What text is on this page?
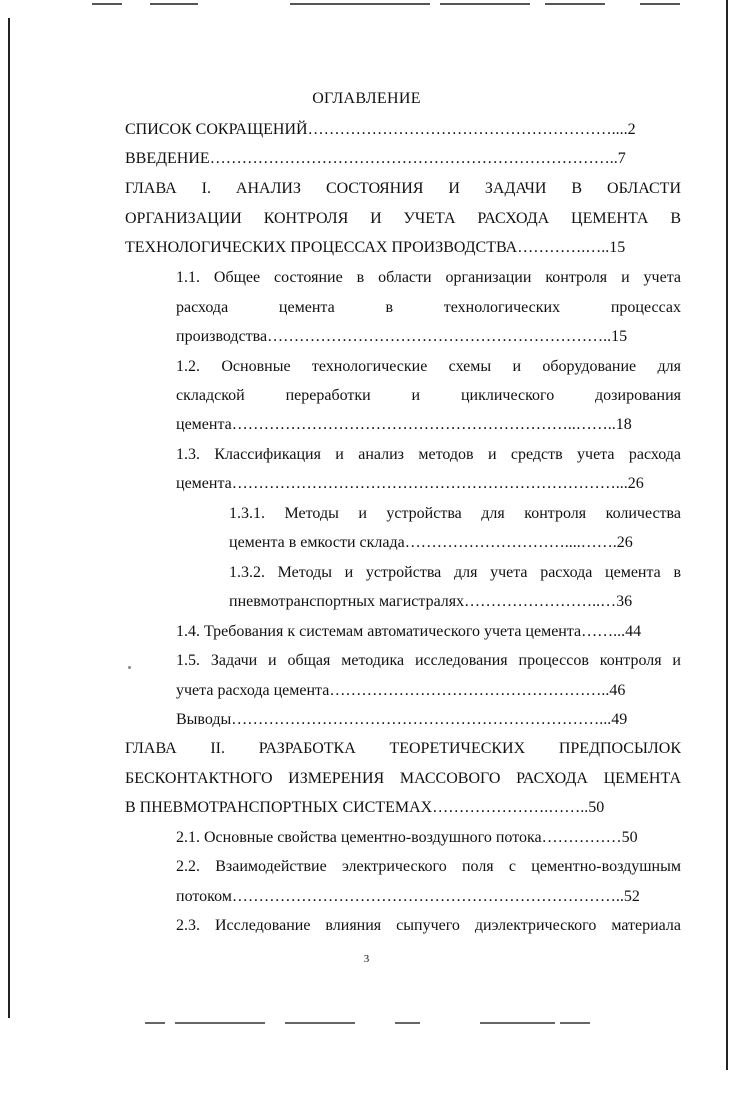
ОГЛАВЛЕНИЕ
СПИСОК СОКРАЩЕНИЙ…………………………………………………....2
ВВЕДЕНИЕ…………………………………………………………………..7
ГЛАВА I. АНАЛИЗ СОСТОЯНИЯ И ЗАДАЧИ В ОБЛАСТИ
ОРГАНИЗАЦИИ КОНТРОЛЯ И УЧЕТА РАСХОДА ЦЕМЕНТА В
ТЕХНОЛОГИЧЕСКИХ ПРОЦЕССАХ ПРОИЗВОДСТВА………….…..15
1.1. Общее состояние в области организации контроля и учета
расхода цемента в технологических процессах
производства………………………………………………………..15
1.2. Основные технологические схемы и оборудование для
складской переработки и циклического дозирования
цемента………………………………………………………..……..18
1.3. Классификация и анализ методов и средств учета расхода
цемента………………………………………………………………...26
1.3.1. Методы и устройства для контроля количества
цемента в емкости склада…………………………....…….26
1.3.2. Методы и устройства для учета расхода цемента в
пневмотранспортных магистралях……………………..…36
1.4. Требования к системам автоматического учета цемента……...44
1.5. Задачи и общая методика исследования процессов контроля и
учета расхода цемента……………………………………………..46
Выводы……………………………………………………………...49
ГЛАВА II. РАЗРАБОТКА ТЕОРЕТИЧЕСКИХ ПРЕДПОСЫЛОК
БЕСКОНТАКТНОГО ИЗМЕРЕНИЯ МАССОВОГО РАСХОДА ЦЕМЕНТА
В ПНЕВМОТРАНСПОРТНЫХ СИСТЕМАХ………………….……..50
2.1. Основные свойства цементно-воздушного потока……………50
2.2. Взаимодействие электрического поля с цементно-воздушным
потоком………………………………………………………………..52
2.3. Исследование влияния сыпучего диэлектрического материала
3
